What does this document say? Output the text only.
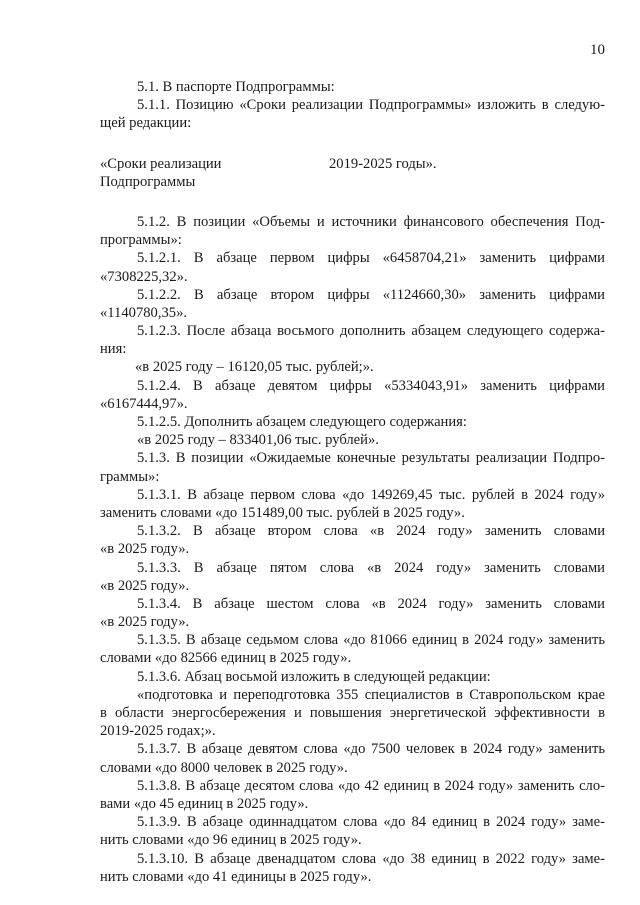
10
5.1. В паспорте Подпрограммы:
5.1.1. Позицию «Сроки реализации Подпрограммы» изложить в следую-
щей редакции:
«Сроки реализации	2019-2025 годы».
Подпрограммы
5.1.2. В позиции «Объемы и источники финансового обеспечения Под-
программы»:
5.1.2.1. В абзаце первом цифры «6458704,21» заменить цифрами
«7308225,32».
5.1.2.2. В абзаце втором цифры «1124660,30» заменить цифрами
«1140780,35».
5.1.2.3. После абзаца восьмого дополнить абзацем следующего содержа-
ния:
«в 2025 году – 16120,05 тыс. рублей;».
5.1.2.4. В абзаце девятом цифры «5334043,91» заменить цифрами
«6167444,97».
5.1.2.5. Дополнить абзацем следующего содержания:
«в 2025 году – 833401,06 тыс. рублей».
5.1.3. В позиции «Ожидаемые конечные результаты реализации Подпро-
граммы»:
5.1.3.1. В абзаце первом слова «до 149269,45 тыс. рублей в 2024 году»
заменить словами «до 151489,00 тыс. рублей в 2025 году».
5.1.3.2. В абзаце втором слова «в 2024 году» заменить словами
«в 2025 году».
5.1.3.3. В абзаце пятом слова «в 2024 году» заменить словами
«в 2025 году».
5.1.3.4. В абзаце шестом слова «в 2024 году» заменить словами
«в 2025 году».
5.1.3.5. В абзаце седьмом слова «до 81066 единиц в 2024 году» заменить
словами «до 82566 единиц в 2025 году».
5.1.3.6. Абзац восьмой изложить в следующей редакции:
«подготовка и переподготовка 355 специалистов в Ставропольском крае
в области энергосбережения и повышения энергетической эффективности в
2019-2025 годах;».
5.1.3.7. В абзаце девятом слова «до 7500 человек в 2024 году» заменить
словами «до 8000 человек в 2025 году».
5.1.3.8. В абзаце десятом слова «до 42 единиц в 2024 году» заменить сло-
вами «до 45 единиц в 2025 году».
5.1.3.9. В абзаце одиннадцатом слова «до 84 единиц в 2024 году» заме-
нить словами «до 96 единиц в 2025 году».
5.1.3.10. В абзаце двенадцатом слова «до 38 единиц в 2022 году» заме-
нить словами «до 41 единицы в 2025 году».
